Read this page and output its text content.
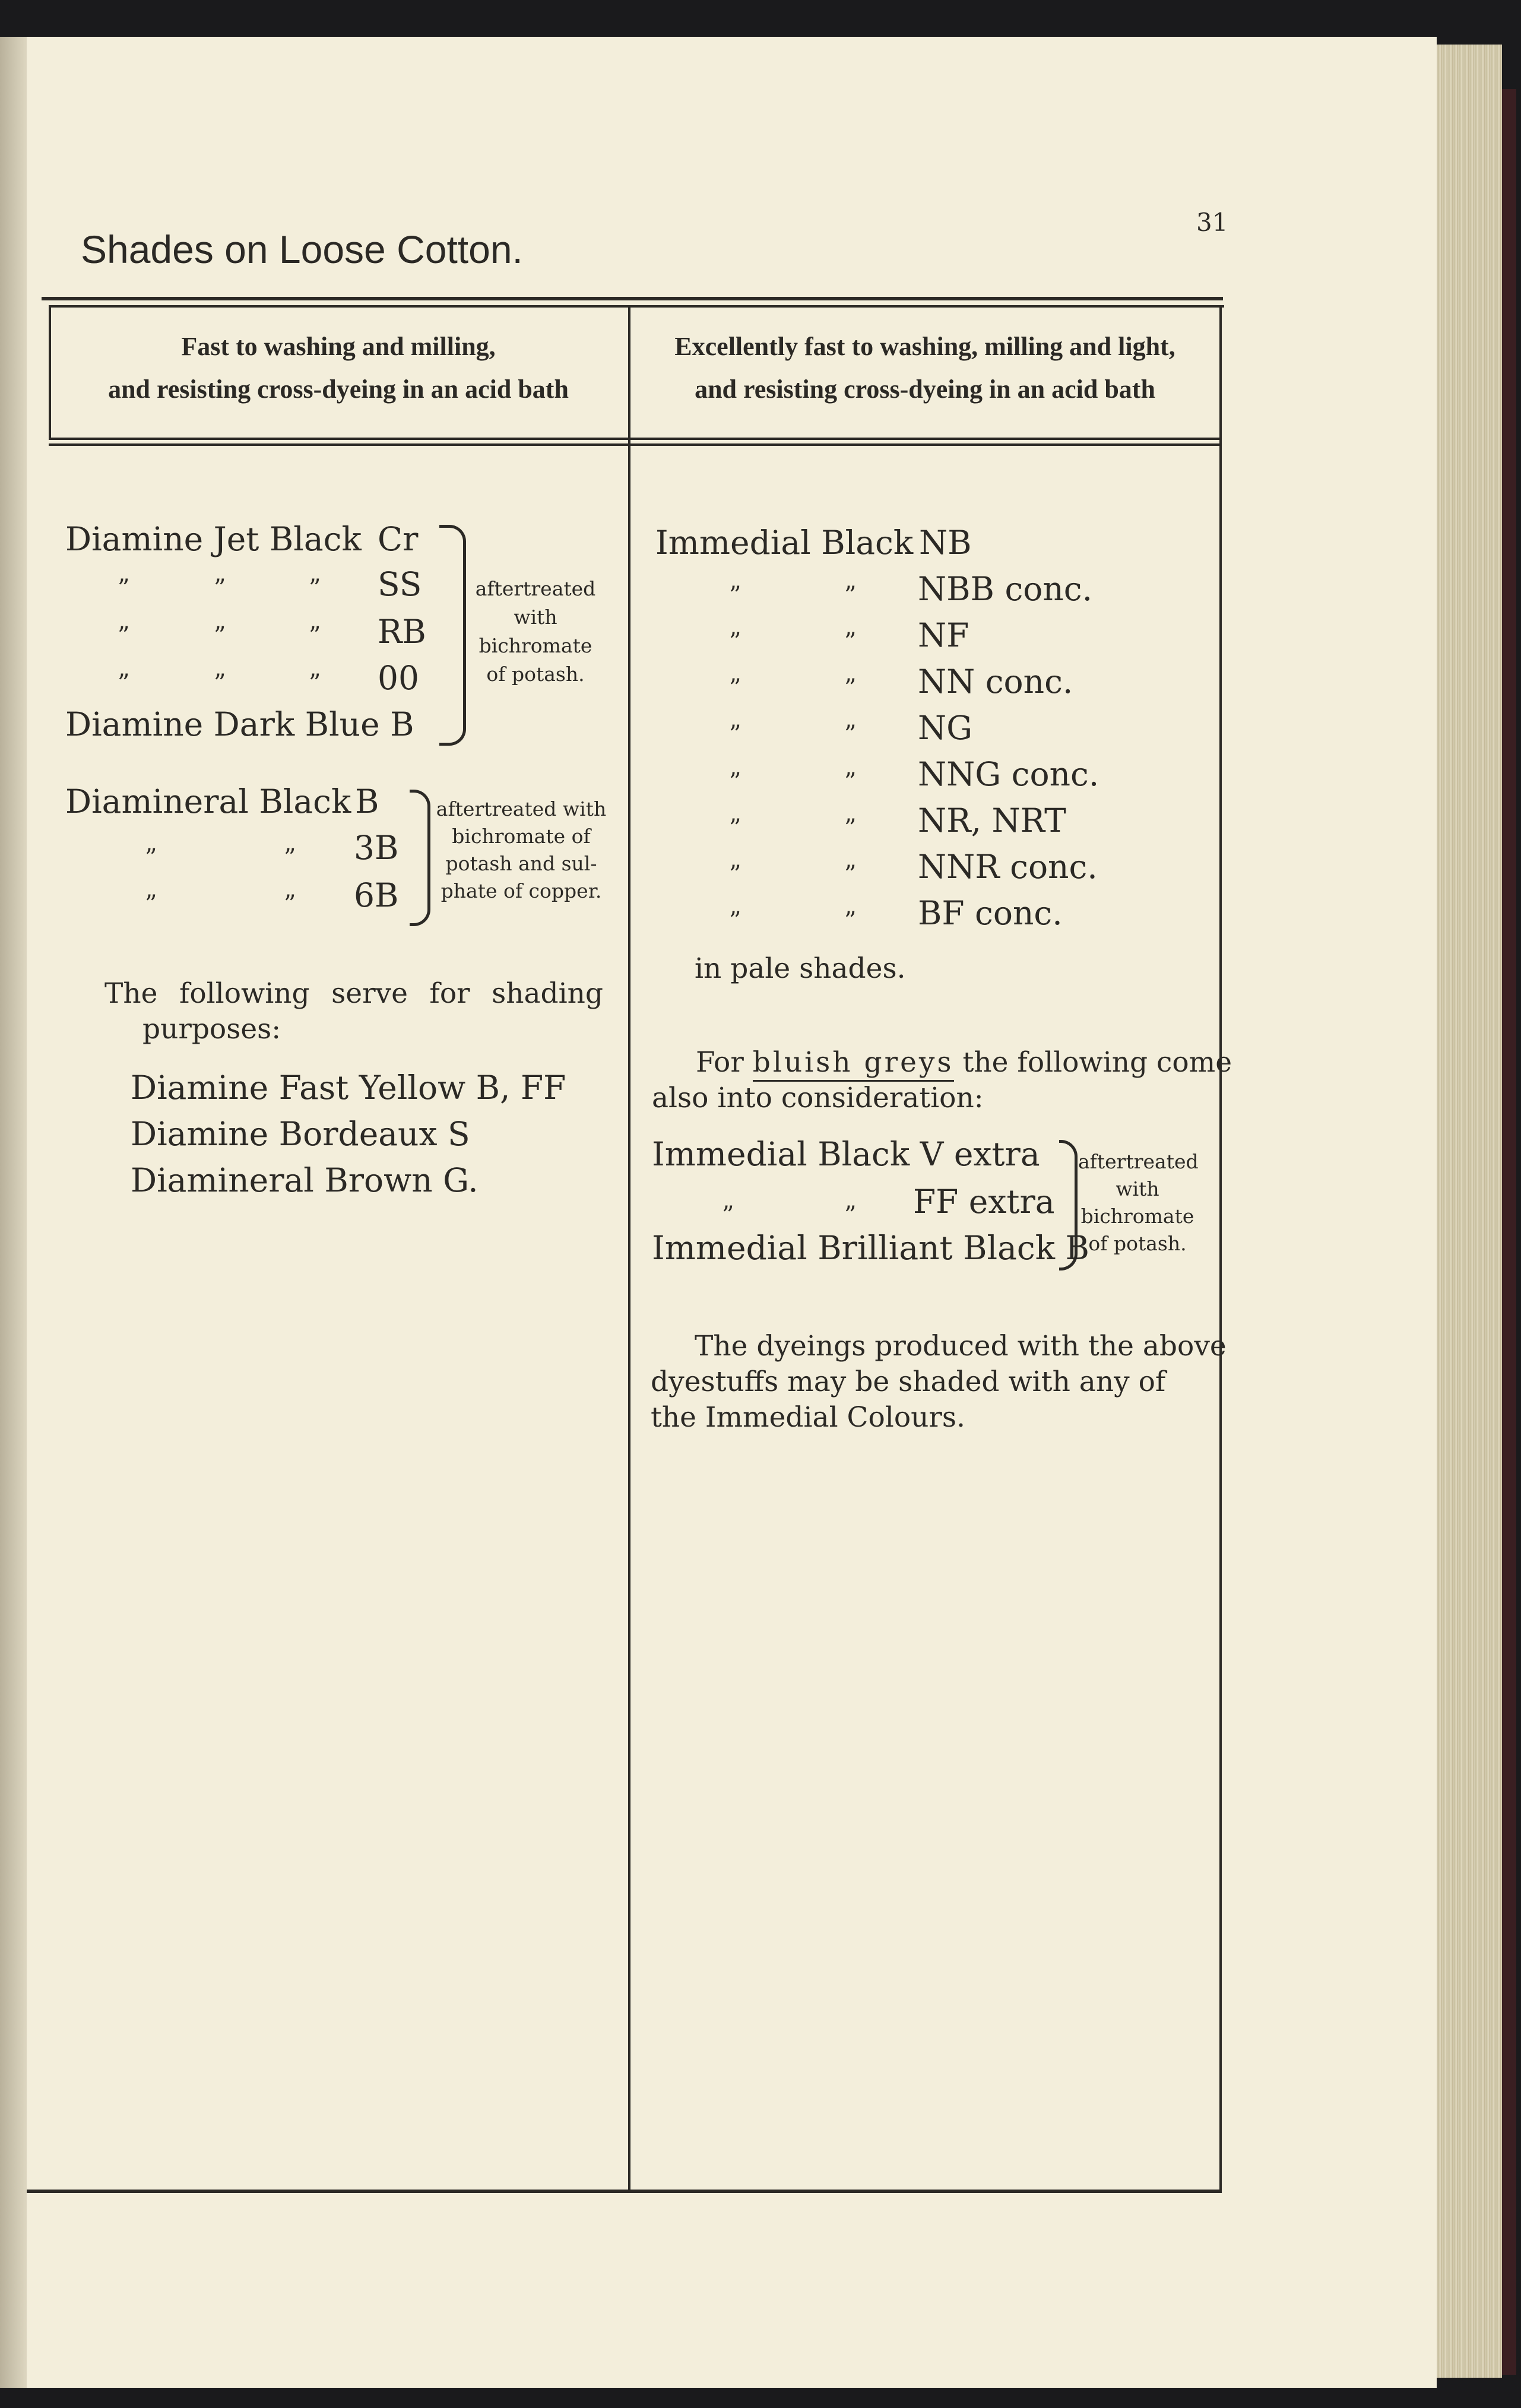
Shades on Loose Cotton.
31
Fast to washing and milling,
and resisting cross-dyeing in an acid bath
Excellently fast to washing, milling and light,
and resisting cross-dyeing in an acid bath
Diamine Jet Black Cr
”	”	” SS
”	”	” RB
”	”	” 00
Diamine Dark Blue B
aftertreated
with
bichromate
of potash.
Diamineral Black B
”	” 3B
”	” 6B
aftertreated with
bichromate of
potash and sul-
phate of copper.
The following serve for shading
purposes:
Diamine Fast Yellow B, FF
Diamine Bordeaux S
Diamineral Brown G.
Immedial Black NB
”	” NBB conc.
”	” NF
”	” NN conc.
”	” NG
”	” NNG conc.
”	” NR, NRT
”	” NNR conc.
”	” BF conc.
in pale shades.
For bluish greys the following come
also into consideration:
Immedial Black V extra
”	” FF extra
Immedial Brilliant Black B
aftertreated
with
bichromate
of potash.
The dyeings produced with the above
dyestuffs may be shaded with any of
the Immedial Colours.
